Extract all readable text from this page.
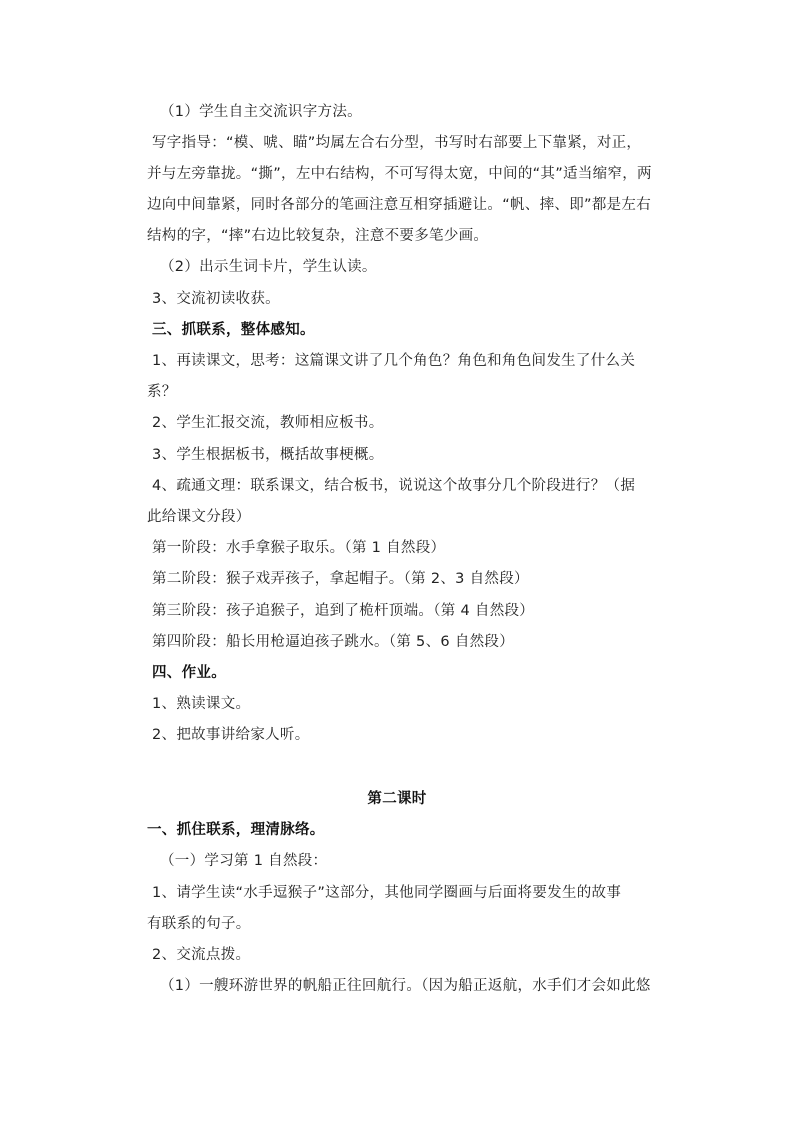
（1）学生自主交流识字方法。
写字指导：“模、唬、瞄”均属左合右分型，书写时右部要上下靠紧，对正，
并与左旁靠拢。“撕”，左中右结构，不可写得太宽，中间的“其”适当缩窄，两
边向中间靠紧，同时各部分的笔画注意互相穿插避让。“帆、摔、即”都是左右
结构的字，“摔”右边比较复杂，注意不要多笔少画。
（2）出示生词卡片，学生认读。
3、交流初读收获。
三、抓联系，整体感知。
1、再读课文，思考：这篇课文讲了几个角色？角色和角色间发生了什么关
系？
2、学生汇报交流，教师相应板书。
3、学生根据板书，概括故事梗概。
4、疏通文理：联系课文，结合板书，说说这个故事分几个阶段进行？（据
此给课文分段）
第一阶段：水手拿猴子取乐。（第 1 自然段）
第二阶段：猴子戏弄孩子，拿起帽子。（第 2、3 自然段）
第三阶段：孩子追猴子，追到了桅杆顶端。（第 4 自然段）
第四阶段：船长用枪逼迫孩子跳水。（第 5、6 自然段）
四、作业。
1、熟读课文。
2、把故事讲给家人听。
第二课时
一、抓住联系，理清脉络。
（一）学习第 1 自然段：
1、请学生读“水手逗猴子”这部分，其他同学圈画与后面将要发生的故事
有联系的句子。
2、交流点拨。
（1）一艘环游世界的帆船正往回航行。（因为船正返航，水手们才会如此悠
